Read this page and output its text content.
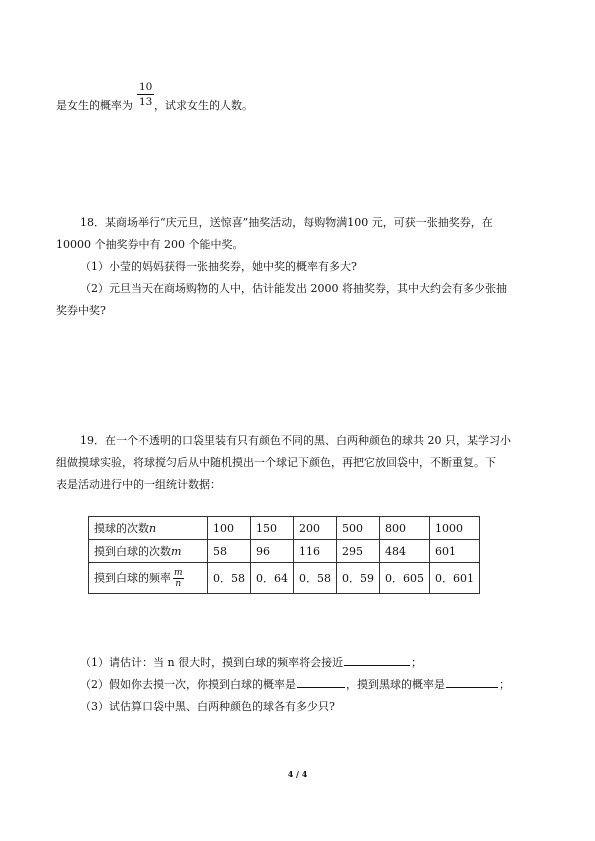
$\frac{10}{13}$
是女生的概率为 ，试求女生的人数。
18．某商场举行“庆元旦，送惊喜”抽奖活动，每购物满100 元，可获一张抽奖券，在
10000 个抽奖券中有 200 个能中奖。
（1）小莹的妈妈获得一张抽奖券，她中奖的概率有多大?
（2）元旦当天在商场购物的人中，估计能发出 2000 将抽奖券，其中大约会有多少张抽
奖券中奖?
19．在一个不透明的口袋里装有只有颜色不同的黑、白两种颜色的球共 20 只，某学习小
组做摸球实验，将球搅匀后从中随机摸出一个球记下颜色，再把它放回袋中，不断重复。下
表是活动进行中的一组统计数据：
摸球的次数n	100	150	200	500	800	1000
摸到白球的次数m	58	96	116	295	484	601
摸到白球的频率 $\frac{m}{n}$	0．58	0．64	0．58	0．59	0．605	0．601
（1）请估计：当 n 很大时，摸到白球的频率将会接近	；
（2）假如你去摸一次，你摸到白球的概率是	，摸到黑球的概率是	；
（3）试估算口袋中黑、白两种颜色的球各有多少只?
4 / 4
